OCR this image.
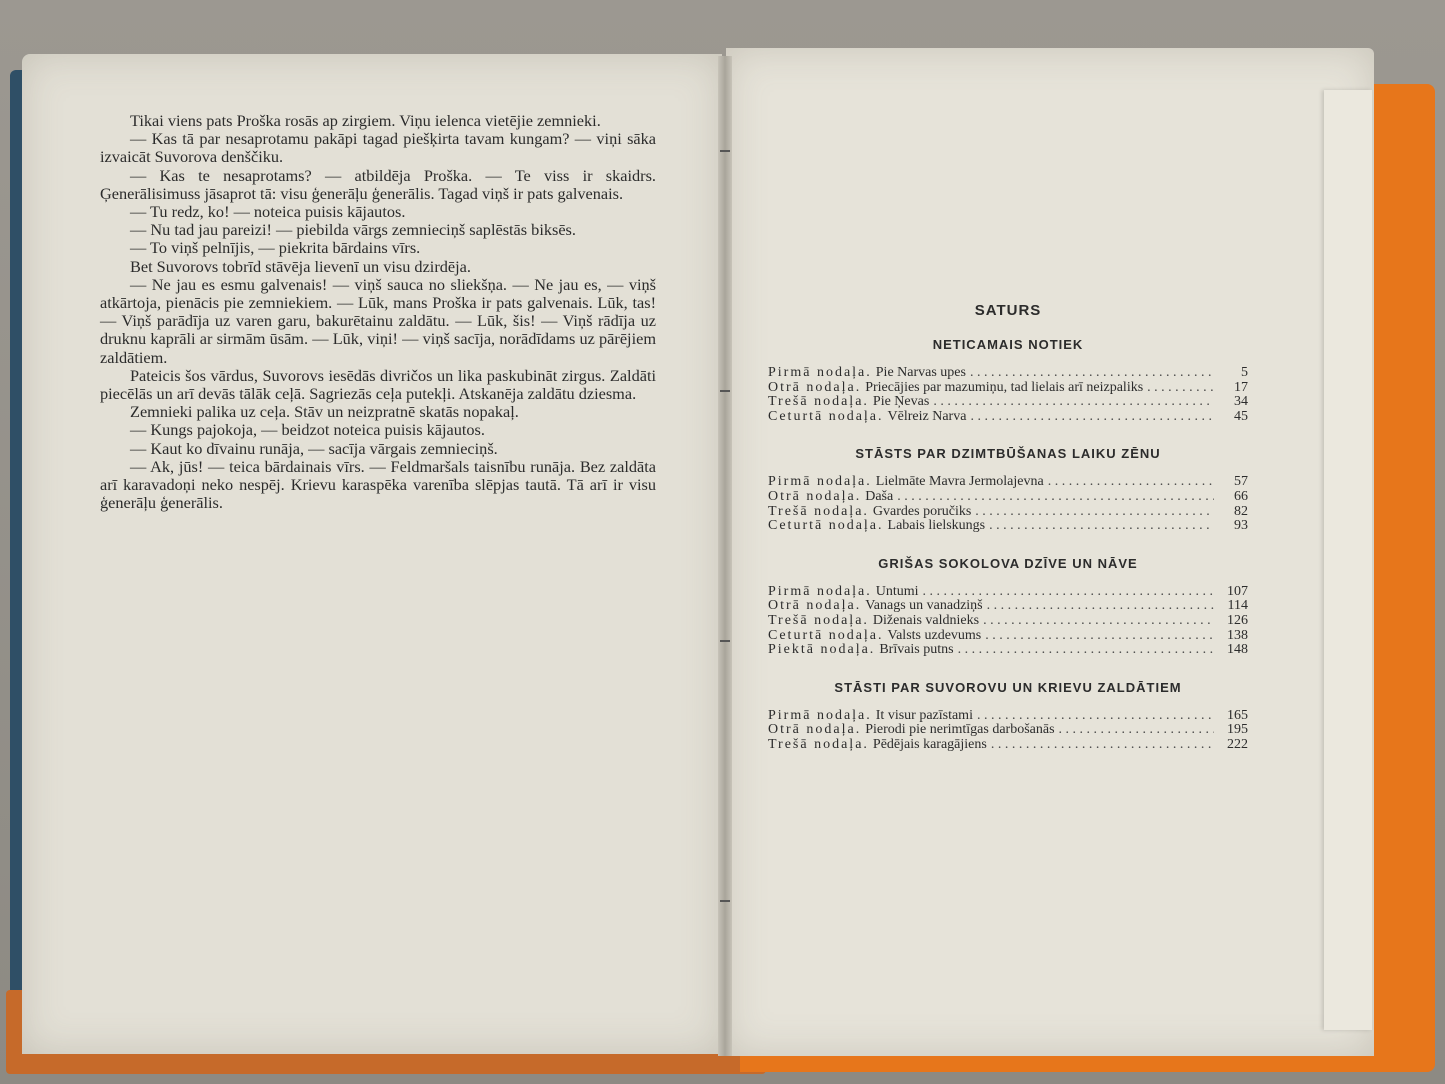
Tikai viens pats Proška rosās ap zirgiem. Viņu ielenca vietējie zemnieki.

— Kas tā par nesaprotamu pakāpi tagad piešķirta tavam kungam? — viņi sāka izvaicāt Suvorova denščiku.

— Kas te nesaprotams? — atbildēja Proška. — Te viss ir skaidrs. Ģenerālisimuss jāsaprot tā: visu ģenerāļu ģenerālis. Tagad viņš ir pats galvenais.

— Tu redz, ko! — noteica puisis kājautos.

— Nu tad jau pareizi! — piebilda vārgs zemnieciņš saplēstās biksēs.

— To viņš pelnījis, — piekrita bārdains vīrs.

Bet Suvorovs tobrīd stāvēja lievenī un visu dzirdēja.

— Ne jau es esmu galvenais! — viņš sauca no sliekšņa. — Ne jau es, — viņš atkārtoja, pienācis pie zemniekiem. — Lūk, mans Proška ir pats galvenais. Lūk, tas! — Viņš parādīja uz varen garu, bakurētainu zaldātu. — Lūk, šis! — Viņš rādīja uz druknu kaprāli ar sirmām ūsām. — Lūk, viņi! — viņš sacīja, norādīdams uz pārējiem zaldātiem.

Pateicis šos vārdus, Suvorovs iesēdās divričos un lika paskubināt zirgus. Zaldāti piecēlās un arī devās tālāk ceļā. Sagriezās ceļa putekļi. Atskanēja zaldātu dziesma.

Zemnieki palika uz ceļa. Stāv un neizpratnē skatās nopakaļ.

— Kungs pajokoja, — beidzot noteica puisis kājautos.

— Kaut ko dīvainu runāja, — sacīja vārgais zemnieciņš.

— Ak, jūs! — teica bārdainais vīrs. — Feldmaršals taisnību runāja. Bez zaldāta arī karavadoņi neko nespēj. Krievu karaspēka varenība slēpjas tautā. Tā arī ir visu ģenerāļu ģenerālis.

SATURS
NETICAMAIS NOTIEK
Pirmā nodaļa. Pie Narvas upes . . .	5
Otrā nodaļa. Priecājies par mazumiņu, tad lielais arī neizpaliks . . .	17
Trešā nodaļa. Pie Ņevas . . .	34
Ceturtā nodaļa. Vēlreiz Narva . . .	45
STĀSTS PAR DZIMTBŪŠANAS LAIKU ZĒNU
Pirmā nodaļa. Lielmāte Mavra Jermolajevna . . .	57
Otrā nodaļa. Daša . . .	66
Trešā nodaļa. Gvardes poručiks . . .	82
Ceturtā nodaļa. Labais lielskungs . . .	93
GRIŠAS SOKOLOVA DZĪVE UN NĀVE
Pirmā nodaļa. Untumi . . .	107
Otrā nodaļa. Vanags un vanadziņš . . .	114
Trešā nodaļa. Diženais valdnieks . . .	126
Ceturtā nodaļa. Valsts uzdevums . . .	138
Piektā nodaļa. Brīvais putns . . .	148
STĀSTI PAR SUVOROVU UN KRIEVU ZALDĀTIEM
Pirmā nodaļa. It visur pazīstami . . .	165
Otrā nodaļa. Pierodi pie nerimtīgas darbošanās . . .	195
Trešā nodaļa. Pēdējais karagājiens . . .	222
